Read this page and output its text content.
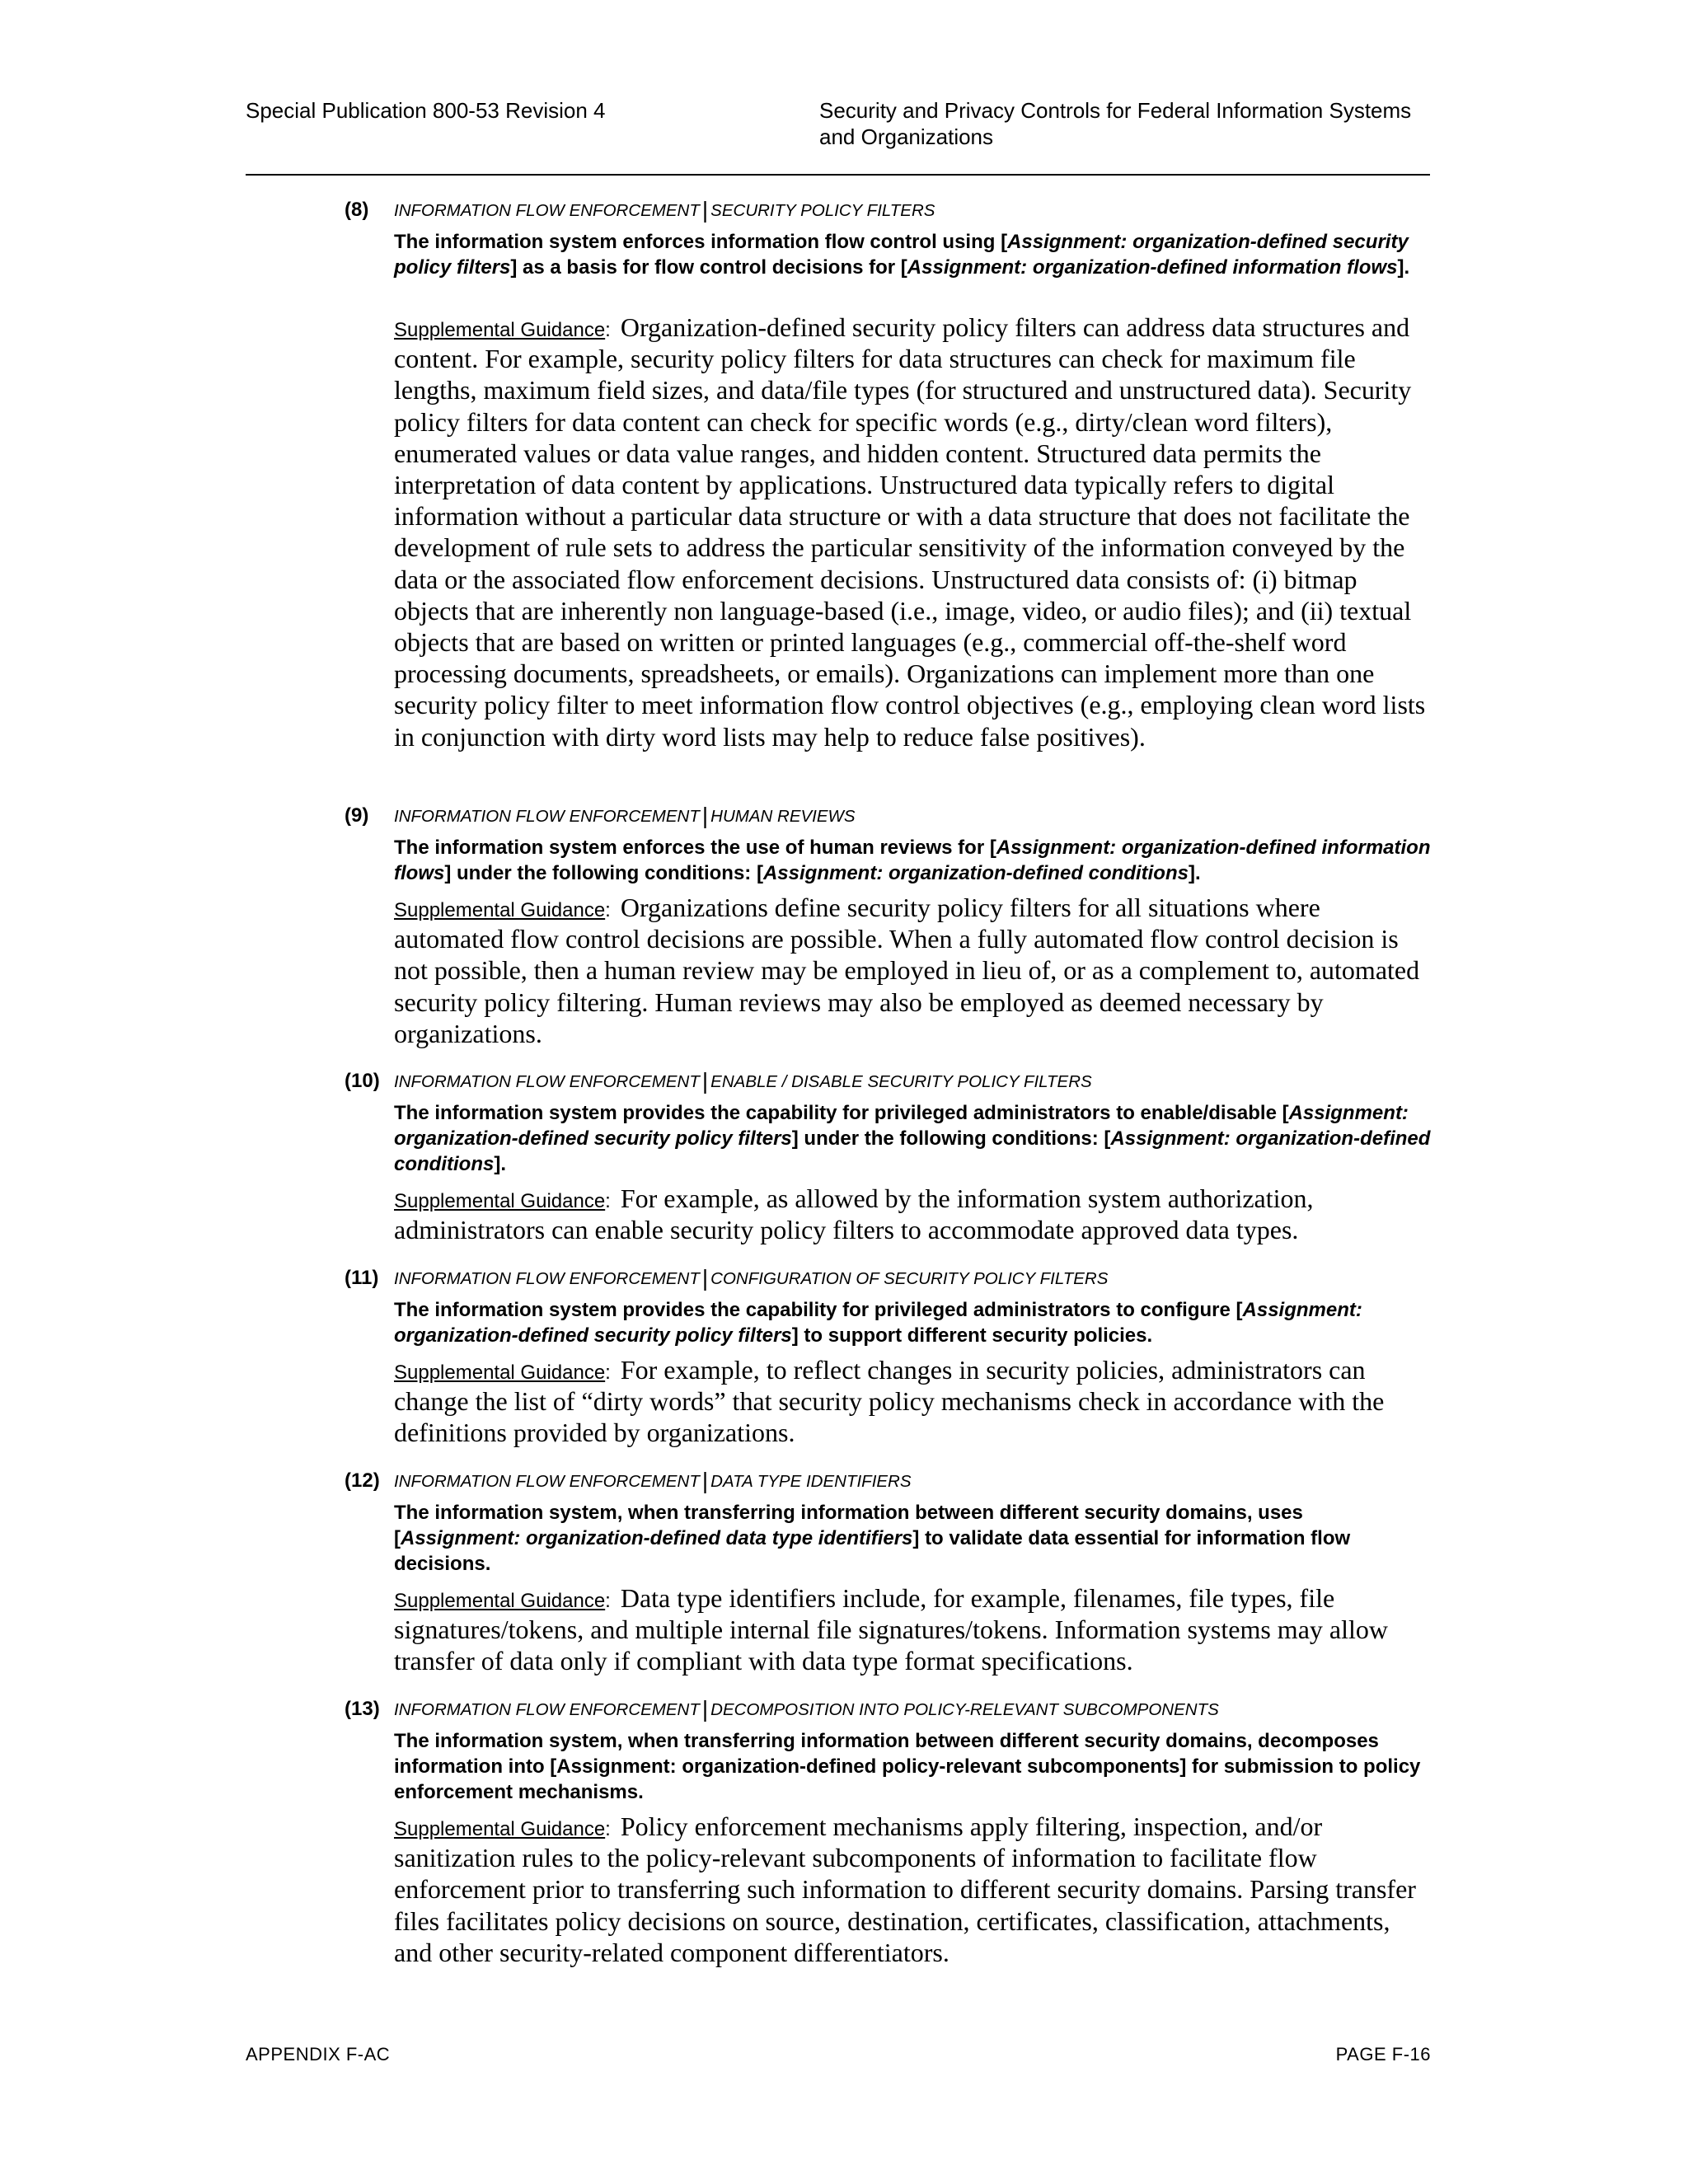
Special Publication 800-53 Revision 4	Security and Privacy Controls for Federal Information Systems
and Organizations
(8) INFORMATION FLOW ENFORCEMENT | SECURITY POLICY FILTERS
The information system enforces information flow control using [Assignment: organization-defined security policy filters] as a basis for flow control decisions for [Assignment: organization-defined information flows].
Supplemental Guidance: Organization-defined security policy filters can address data structures and content. For example, security policy filters for data structures can check for maximum file lengths, maximum field sizes, and data/file types (for structured and unstructured data). Security policy filters for data content can check for specific words (e.g., dirty/clean word filters), enumerated values or data value ranges, and hidden content. Structured data permits the interpretation of data content by applications. Unstructured data typically refers to digital information without a particular data structure or with a data structure that does not facilitate the development of rule sets to address the particular sensitivity of the information conveyed by the data or the associated flow enforcement decisions. Unstructured data consists of: (i) bitmap objects that are inherently non language-based (i.e., image, video, or audio files); and (ii) textual objects that are based on written or printed languages (e.g., commercial off-the-shelf word processing documents, spreadsheets, or emails). Organizations can implement more than one security policy filter to meet information flow control objectives (e.g., employing clean word lists in conjunction with dirty word lists may help to reduce false positives).
(9) INFORMATION FLOW ENFORCEMENT | HUMAN REVIEWS
The information system enforces the use of human reviews for [Assignment: organization-defined information flows] under the following conditions: [Assignment: organization-defined conditions].
Supplemental Guidance: Organizations define security policy filters for all situations where automated flow control decisions are possible. When a fully automated flow control decision is not possible, then a human review may be employed in lieu of, or as a complement to, automated security policy filtering. Human reviews may also be employed as deemed necessary by organizations.
(10) INFORMATION FLOW ENFORCEMENT | ENABLE / DISABLE SECURITY POLICY FILTERS
The information system provides the capability for privileged administrators to enable/disable [Assignment: organization-defined security policy filters] under the following conditions: [Assignment: organization-defined conditions].
Supplemental Guidance: For example, as allowed by the information system authorization, administrators can enable security policy filters to accommodate approved data types.
(11) INFORMATION FLOW ENFORCEMENT | CONFIGURATION OF SECURITY POLICY FILTERS
The information system provides the capability for privileged administrators to configure [Assignment: organization-defined security policy filters] to support different security policies.
Supplemental Guidance: For example, to reflect changes in security policies, administrators can change the list of “dirty words” that security policy mechanisms check in accordance with the definitions provided by organizations.
(12) INFORMATION FLOW ENFORCEMENT | DATA TYPE IDENTIFIERS
The information system, when transferring information between different security domains, uses [Assignment: organization-defined data type identifiers] to validate data essential for information flow decisions.
Supplemental Guidance: Data type identifiers include, for example, filenames, file types, file signatures/tokens, and multiple internal file signatures/tokens. Information systems may allow transfer of data only if compliant with data type format specifications.
(13) INFORMATION FLOW ENFORCEMENT | DECOMPOSITION INTO POLICY-RELEVANT SUBCOMPONENTS
The information system, when transferring information between different security domains, decomposes information into [Assignment: organization-defined policy-relevant subcomponents] for submission to policy enforcement mechanisms.
Supplemental Guidance: Policy enforcement mechanisms apply filtering, inspection, and/or sanitization rules to the policy-relevant subcomponents of information to facilitate flow enforcement prior to transferring such information to different security domains. Parsing transfer files facilitates policy decisions on source, destination, certificates, classification, attachments, and other security-related component differentiators.
APPENDIX F-AC	PAGE F-16
